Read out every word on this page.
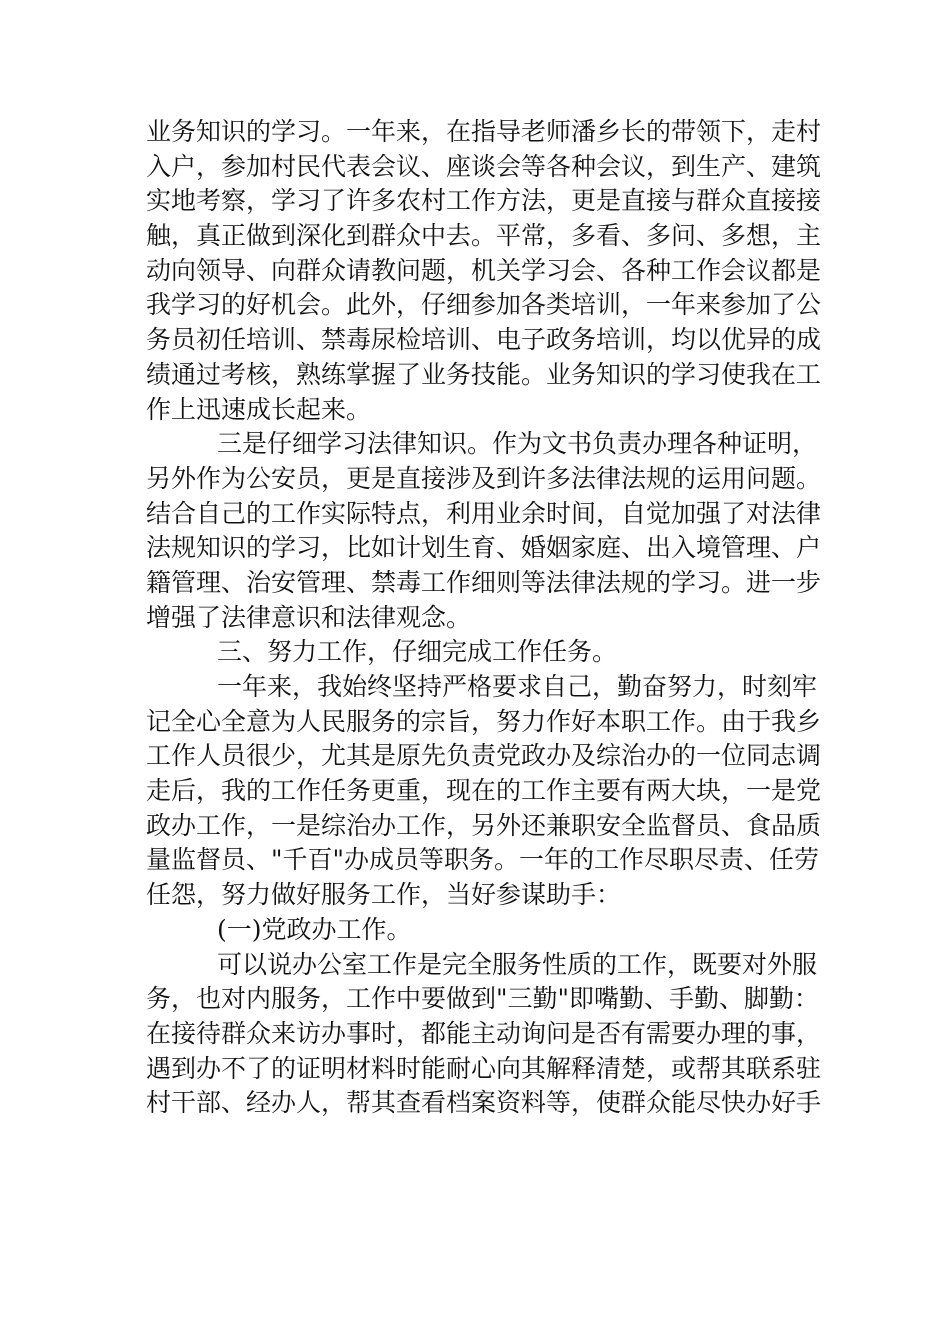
业务知识的学习。一年来，在指导老师潘乡长的带领下，走村
入户，参加村民代表会议、座谈会等各种会议，到生产、建筑
实地考察，学习了许多农村工作方法，更是直接与群众直接接
触，真正做到深化到群众中去。平常，多看、多问、多想，主
动向领导、向群众请教问题，机关学习会、各种工作会议都是
我学习的好机会。此外，仔细参加各类培训，一年来参加了公
务员初任培训、禁毒尿检培训、电子政务培训，均以优异的成
绩通过考核，熟练掌握了业务技能。业务知识的学习使我在工
作上迅速成长起来。
三是仔细学习法律知识。作为文书负责办理各种证明，
另外作为公安员，更是直接涉及到许多法律法规的运用问题。
结合自己的工作实际特点，利用业余时间，自觉加强了对法律
法规知识的学习，比如计划生育、婚姻家庭、出入境管理、户
籍管理、治安管理、禁毒工作细则等法律法规的学习。进一步
增强了法律意识和法律观念。
三、努力工作，仔细完成工作任务。
一年来，我始终坚持严格要求自己，勤奋努力，时刻牢
记全心全意为人民服务的宗旨，努力作好本职工作。由于我乡
工作人员很少，尤其是原先负责党政办及综治办的一位同志调
走后，我的工作任务更重，现在的工作主要有两大块，一是党
政办工作，一是综治办工作，另外还兼职安全监督员、食品质
量监督员、"千百"办成员等职务。一年的工作尽职尽责、任劳
任怨，努力做好服务工作，当好参谋助手：
(一)党政办工作。
可以说办公室工作是完全服务性质的工作，既要对外服
务，也对内服务，工作中要做到"三勤"即嘴勤、手勤、脚勤：
在接待群众来访办事时，都能主动询问是否有需要办理的事，
遇到办不了的证明材料时能耐心向其解释清楚，或帮其联系驻
村干部、经办人，帮其查看档案资料等，使群众能尽快办好手
